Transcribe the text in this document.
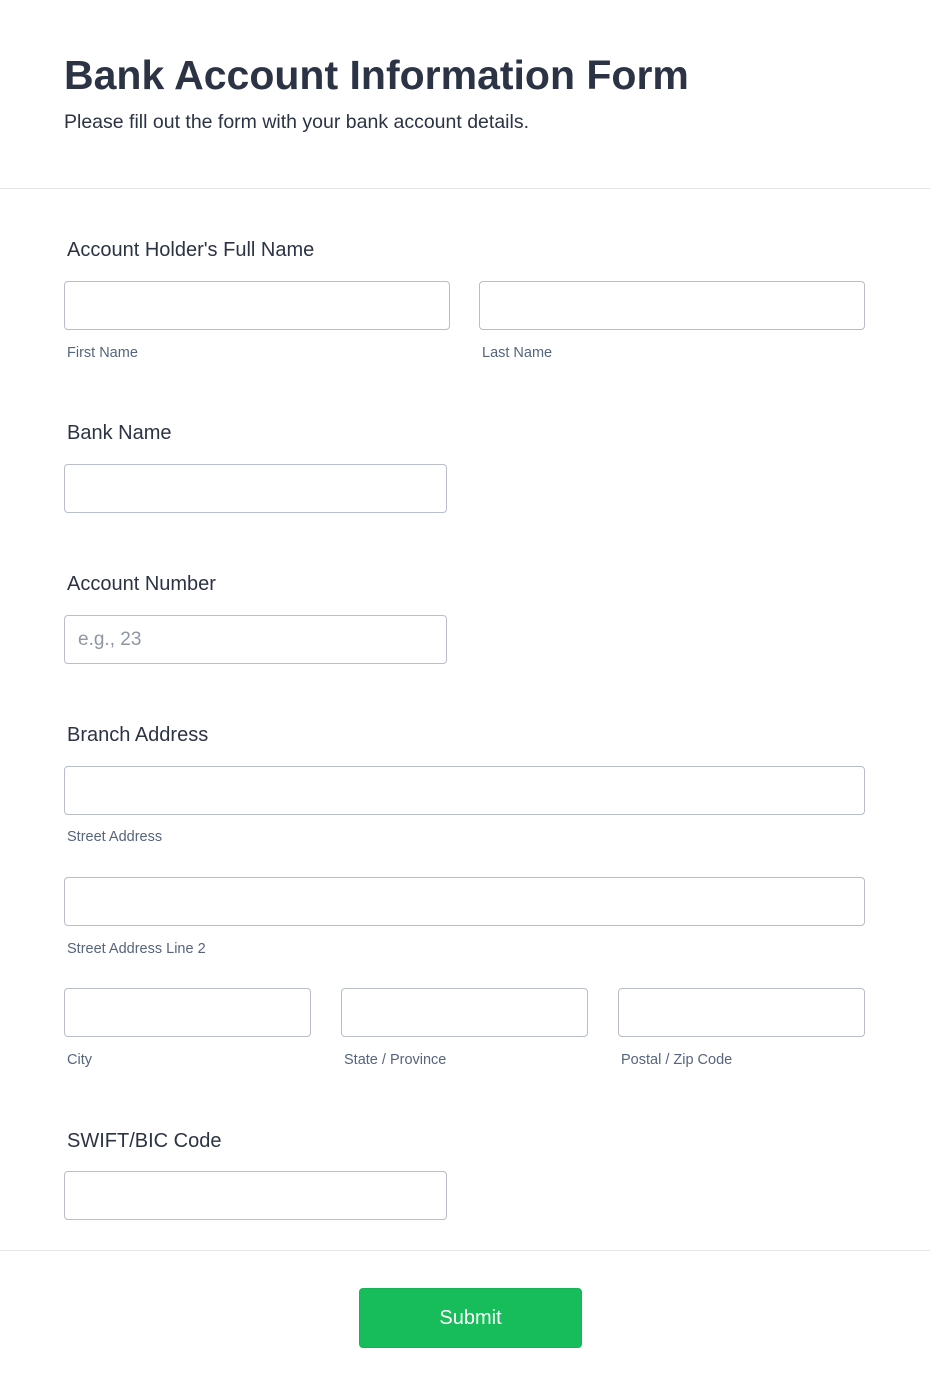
Bank Account Information Form

Please fill out the form with your bank account details.

Account Holder's Full Name
First Name	Last Name
Bank Name
Account Number
e.g., 23
Branch Address
Street Address
Street Address Line 2
City	State / Province	Postal / Zip Code
SWIFT/BIC Code
Submit
